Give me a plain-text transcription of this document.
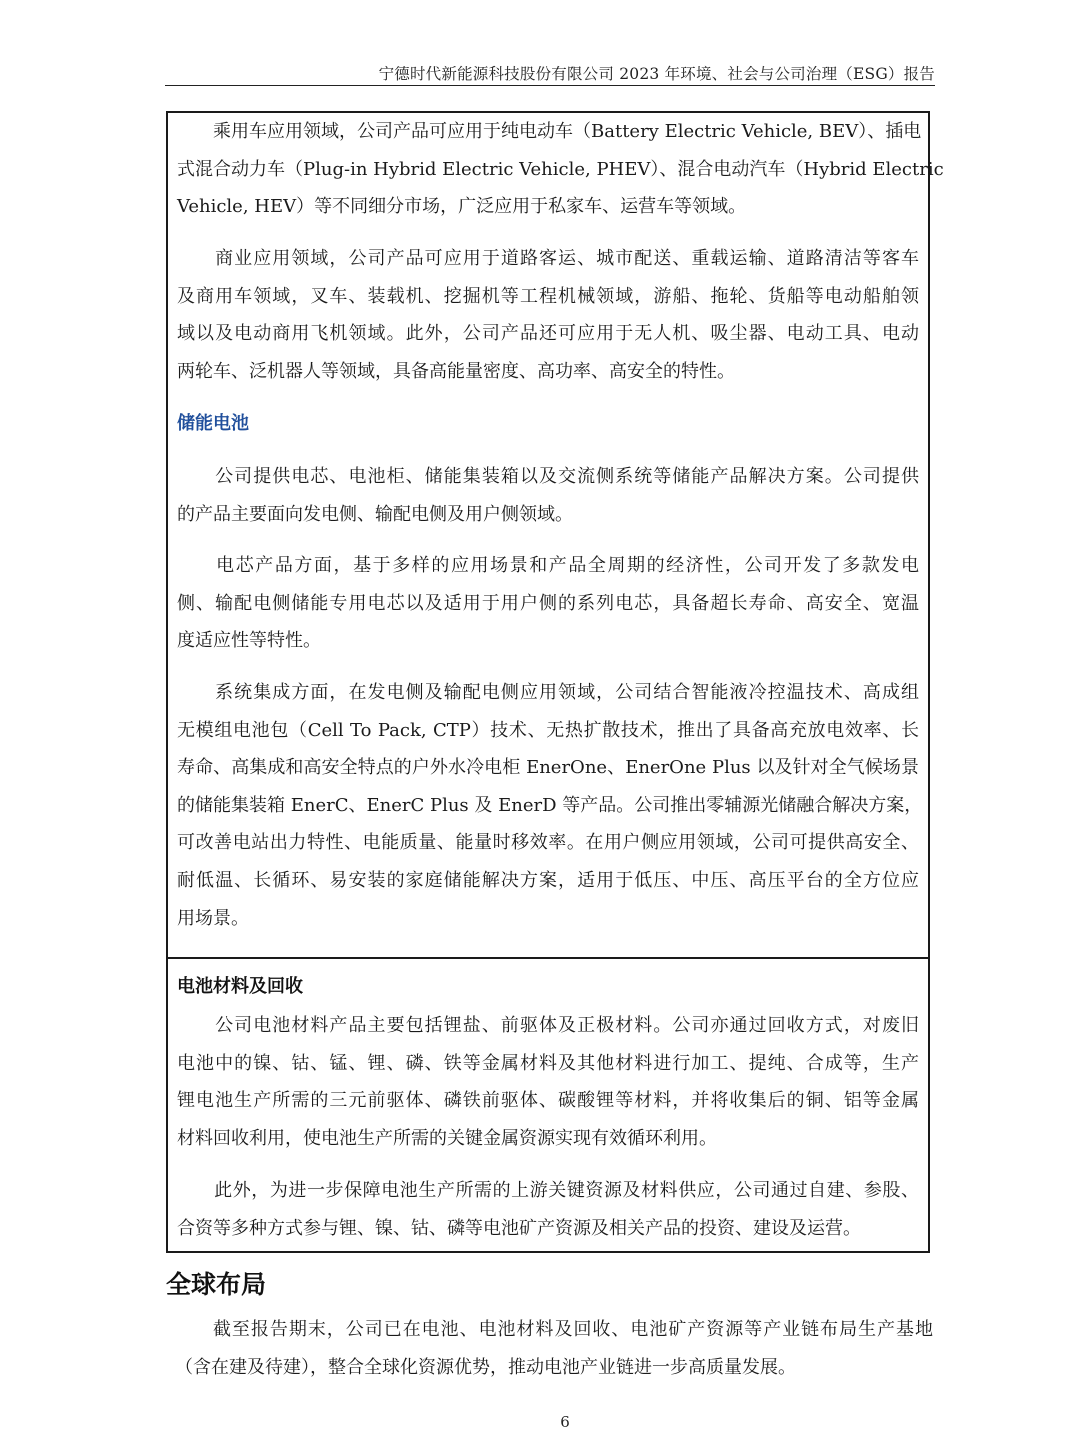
宁德时代新能源科技股份有限公司 2023 年环境、社会与公司治理（ESG）报告
　　乘用车应用领域，公司产品可应用于纯电动车（Battery Electric Vehicle, BEV）、插电
式混合动力车（Plug-in Hybrid Electric Vehicle, PHEV）、混合电动汽车（Hybrid Electric
Vehicle, HEV）等不同细分市场，广泛应用于私家车、运营车等领域。
　　商业应用领域，公司产品可应用于道路客运、城市配送、重载运输、道路清洁等客车
及商用车领域，叉车、装载机、挖掘机等工程机械领域，游船、拖轮、货船等电动船舶领
域以及电动商用飞机领域。此外，公司产品还可应用于无人机、吸尘器、电动工具、电动
两轮车、泛机器人等领域，具备高能量密度、高功率、高安全的特性。
储能电池
　　公司提供电芯、电池柜、储能集装箱以及交流侧系统等储能产品解决方案。公司提供
的产品主要面向发电侧、输配电侧及用户侧领域。
　　电芯产品方面，基于多样的应用场景和产品全周期的经济性，公司开发了多款发电
侧、输配电侧储能专用电芯以及适用于用户侧的系列电芯，具备超长寿命、高安全、宽温
度适应性等特性。
　　系统集成方面，在发电侧及输配电侧应用领域，公司结合智能液冷控温技术、高成组
无模组电池包（Cell To Pack, CTP）技术、无热扩散技术，推出了具备高充放电效率、长
寿命、高集成和高安全特点的户外水冷电柜 EnerOne、EnerOne Plus 以及针对全气候场景
的储能集装箱 EnerC、EnerC Plus 及 EnerD 等产品。公司推出零辅源光储融合解决方案，
可改善电站出力特性、电能质量、能量时移效率。在用户侧应用领域，公司可提供高安全、
耐低温、长循环、易安装的家庭储能解决方案，适用于低压、中压、高压平台的全方位应
用场景。
电池材料及回收
　　公司电池材料产品主要包括锂盐、前驱体及正极材料。公司亦通过回收方式，对废旧
电池中的镍、钴、锰、锂、磷、铁等金属材料及其他材料进行加工、提纯、合成等，生产
锂电池生产所需的三元前驱体、磷铁前驱体、碳酸锂等材料，并将收集后的铜、铝等金属
材料回收利用，使电池生产所需的关键金属资源实现有效循环利用。
　　此外，为进一步保障电池生产所需的上游关键资源及材料供应，公司通过自建、参股、
合资等多种方式参与锂、镍、钴、磷等电池矿产资源及相关产品的投资、建设及运营。
全球布局
　　截至报告期末，公司已在电池、电池材料及回收、电池矿产资源等产业链布局生产基地
（含在建及待建），整合全球化资源优势，推动电池产业链进一步高质量发展。
6
